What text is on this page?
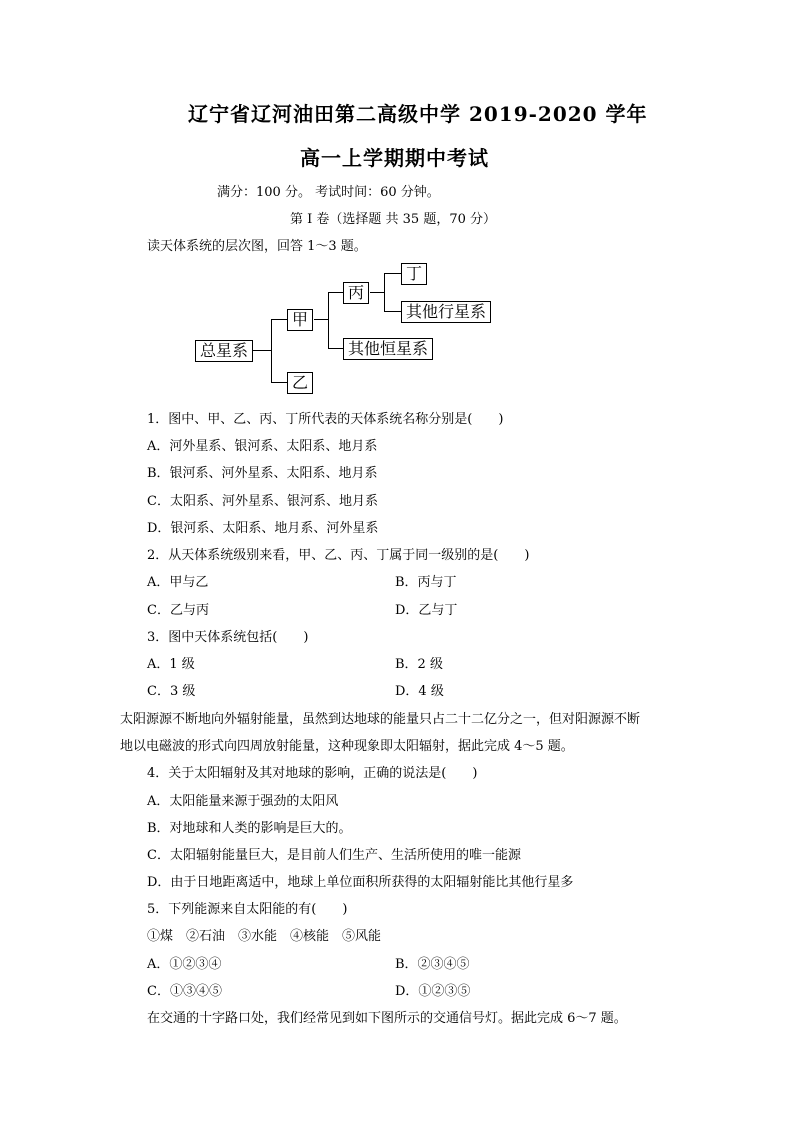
辽宁省辽河油田第二高级中学 2019-2020 学年
高一上学期期中考试
满分：100 分。 考试时间：60 分钟。
第 I 卷（选择题 共 35 题，70 分）
读天体系统的层次图，回答 1～3 题。
总星系
甲
乙
丙
其他恒星系
丁
其他行星系
1．图中、甲、乙、丙、丁所代表的天体系统名称分别是(　　)
A．河外星系、银河系、太阳系、地月系
B．银河系、河外星系、太阳系、地月系
C．太阳系、河外星系、银河系、地月系
D．银河系、太阳系、地月系、河外星系
2．从天体系统级别来看，甲、乙、丙、丁属于同一级别的是(　　)
A．甲与乙	B．丙与丁
C．乙与丙	D．乙与丁
3．图中天体系统包括(　　)
A．1 级	B．2 级
C．3 级	D．4 级
太阳源源不断地向外辐射能量，虽然到达地球的能量只占二十二亿分之一，但对阳源源不断
地以电磁波的形式向四周放射能量，这种现象即太阳辐射，据此完成 4～5 题。
4．关于太阳辐射及其对地球的影响，正确的说法是(　　)
A．太阳能量来源于强劲的太阳风
B．对地球和人类的影响是巨大的。
C．太阳辐射能量巨大，是目前人们生产、生活所使用的唯一能源
D．由于日地距离适中，地球上单位面积所获得的太阳辐射能比其他行星多
5．下列能源来自太阳能的有(　　)
①煤　②石油　③水能　④核能　⑤风能
A．①②③④	B．②③④⑤
C．①③④⑤	D．①②③⑤
在交通的十字路口处，我们经常见到如下图所示的交通信号灯。据此完成 6～7 题。
